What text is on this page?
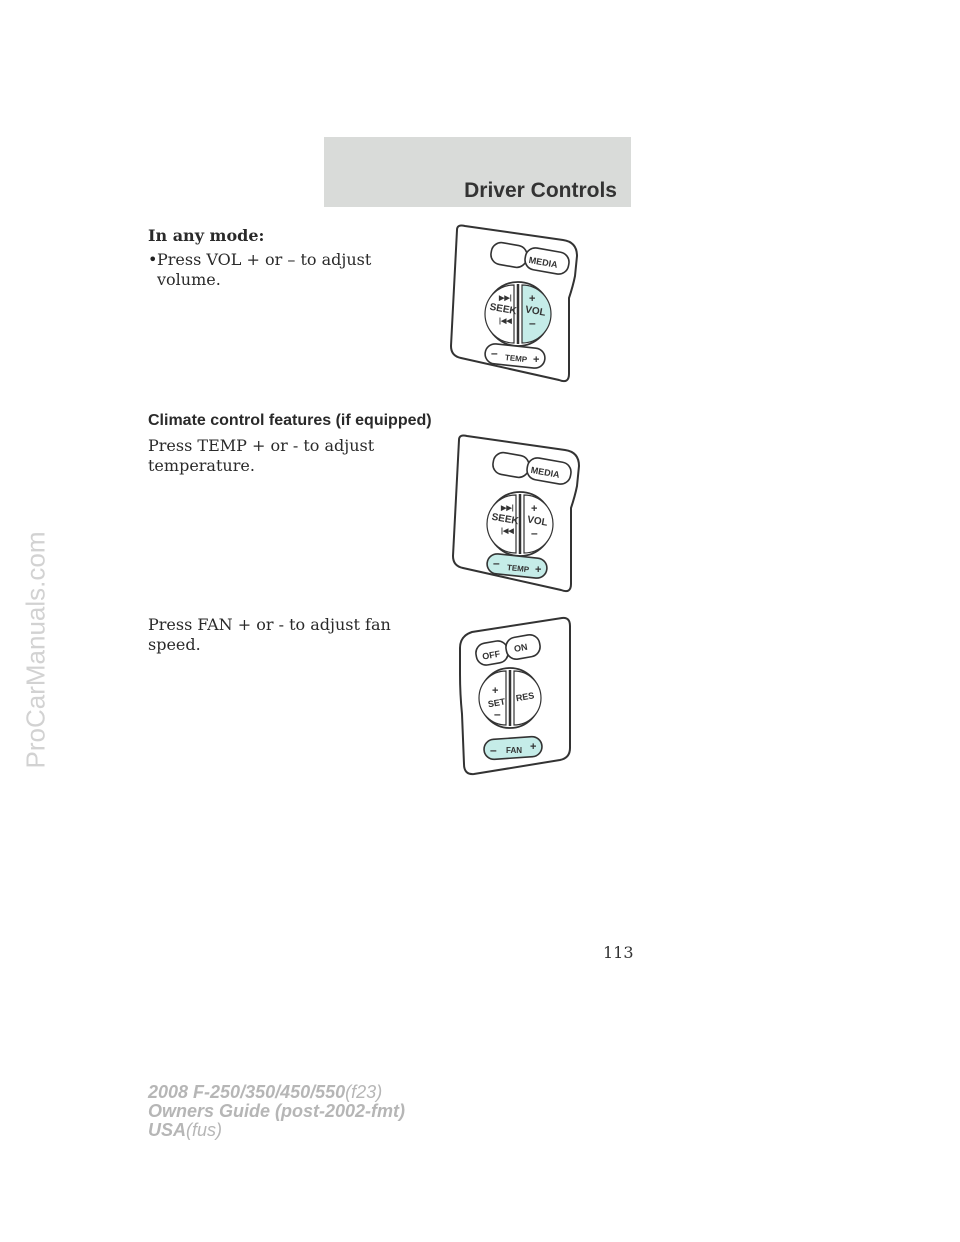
Driver Controls
ProCarManuals.com
In any mode:
• Press VOL + or – to adjust
volume.
MEDIA
SEEK
▶▶|
|◀◀
+
VOL
–
– TEMP +
Climate control features (if equipped)
Press TEMP + or - to adjust
temperature.	MEDIA
SEEK
▶▶|
|◀◀
+
VOL
–
– TEMP +
Press FAN + or - to adjust fan
speed.
OFF
ON
+
SET
–
RES
– FAN +
113
2008 F-250/350/450/550(f23)
Owners Guide (post-2002-fmt)
USA(fus)
